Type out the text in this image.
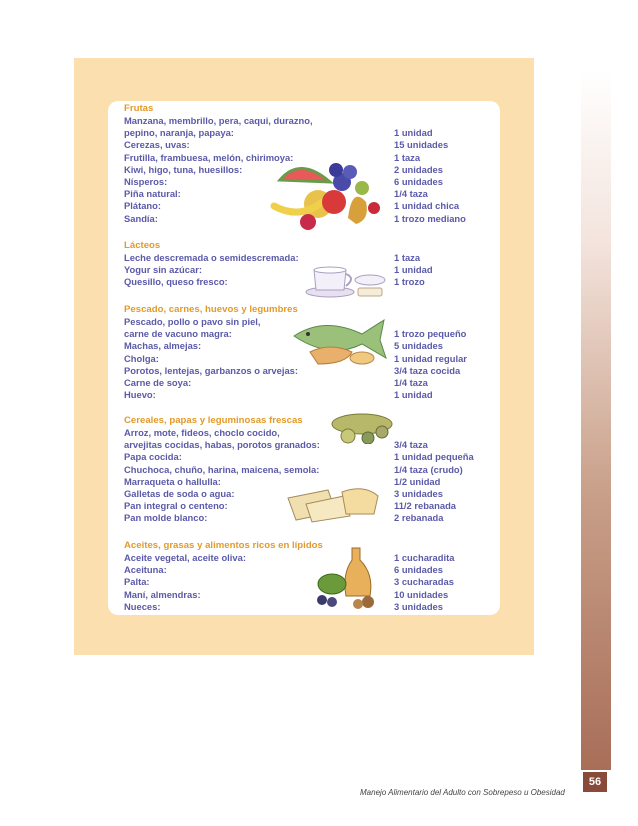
56
Manejo Alimentario del Adulto con Sobrepeso u Obesidad
Frutas
Manzana, membrillo, pera, caqui, durazno,
pepino, naranja, papaya:	1 unidad
Cerezas, uvas:	15 unidades
Frutilla, frambuesa, melón, chirimoya:	1 taza
Kiwi, higo, tuna, huesillos:	2 unidades
Nísperos:	6 unidades
Piña natural:	1/4 taza
Plátano:	1 unidad chica
Sandía:	1 trozo mediano
Lácteos
Leche descremada o semidescremada:	1 taza
Yogur sin azúcar:	1 unidad
Quesillo, queso fresco:	1 trozo
Pescado, carnes, huevos y legumbres
Pescado, pollo o pavo sin piel,
carne de vacuno magra:	1 trozo pequeño
Machas, almejas:	5 unidades
Cholga:	1 unidad regular
Porotos, lentejas, garbanzos o arvejas:	3/4 taza cocida
Carne de soya:	1/4 taza
Huevo:	1 unidad
Cereales, papas y leguminosas frescas
Arroz, mote, fideos, choclo cocido,
arvejitas cocidas, habas, porotos granados:	3/4 taza
Papa cocida:	1 unidad pequeña
Chuchoca, chuño, harina, maicena, semola:	1/4 taza (crudo)
Marraqueta o hallulla:	1/2 unidad
Galletas de soda o agua:	3 unidades
Pan integral o centeno:	11/2 rebanada
Pan molde blanco:	2 rebanada
Aceites, grasas y alimentos ricos en lípidos
Aceite vegetal, aceite oliva:	1 cucharadita
Aceituna:	6 unidades
Palta:	3 cucharadas
Maní, almendras:	10 unidades
Nueces:	3 unidades
